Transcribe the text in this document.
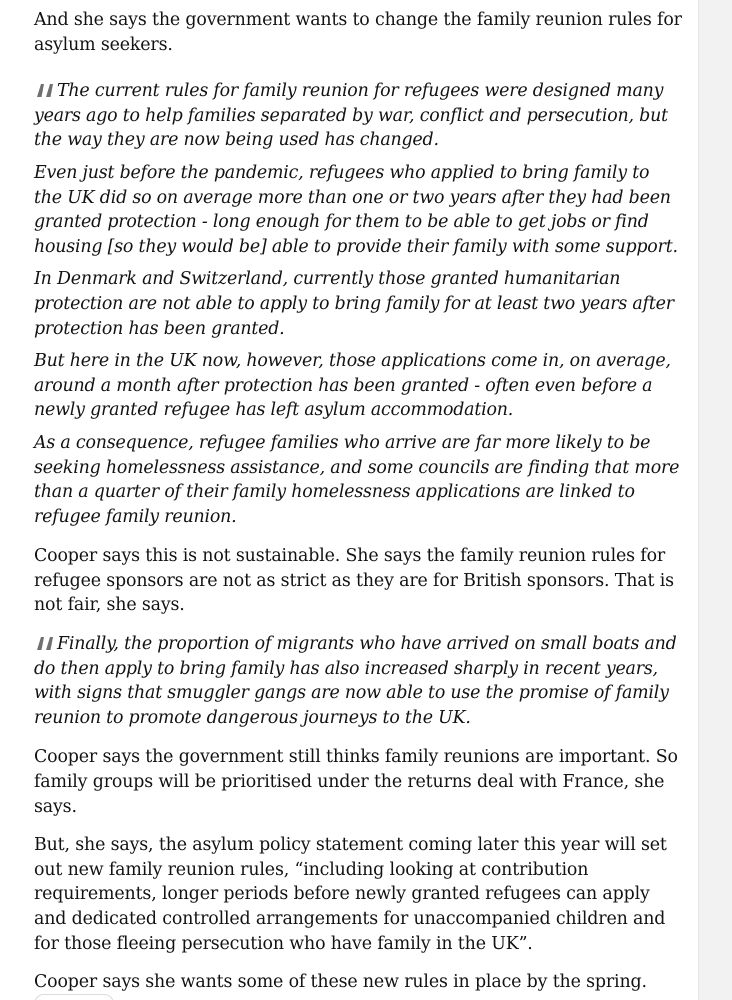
And she says the government wants to change the family reunion rules for asylum seekers.

The current rules for family reunion for refugees were designed many years ago to help families separated by war, conflict and persecution, but the way they are now being used has changed.

Even just before the pandemic, refugees who applied to bring family to the UK did so on average more than one or two years after they had been granted protection - long enough for them to be able to get jobs or find housing [so they would be] able to provide their family with some support.

In Denmark and Switzerland, currently those granted humanitarian protection are not able to apply to bring family for at least two years after protection has been granted.

But here in the UK now, however, those applications come in, on average, around a month after protection has been granted - often even before a newly granted refugee has left asylum accommodation.

As a consequence, refugee families who arrive are far more likely to be seeking homelessness assistance, and some councils are finding that more than a quarter of their family homelessness applications are linked to refugee family reunion.

Cooper says this is not sustainable. She says the family reunion rules for refugee sponsors are not as strict as they are for British sponsors. That is not fair, she says.

Finally, the proportion of migrants who have arrived on small boats and do then apply to bring family has also increased sharply in recent years, with signs that smuggler gangs are now able to use the promise of family reunion to promote dangerous journeys to the UK.

Cooper says the government still thinks family reunions are important. So family groups will be prioritised under the returns deal with France, she says.

But, she says, the asylum policy statement coming later this year will set out new family reunion rules, “including looking at contribution requirements, longer periods before newly granted refugees can apply and dedicated controlled arrangements for unaccompanied children and for those fleeing persecution who have family in the UK”.

Cooper says she wants some of these new rules in place by the spring.
